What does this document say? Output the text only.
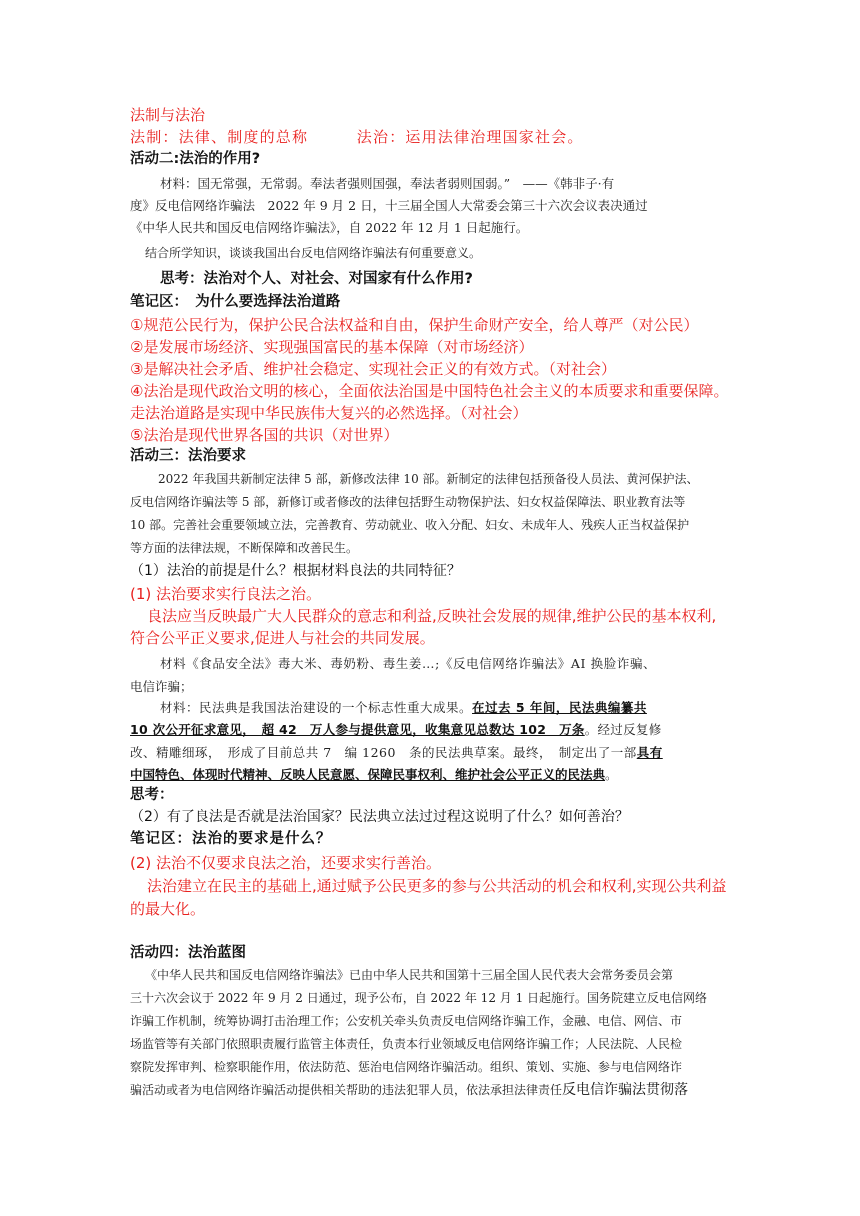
法制与法治
法制：法律、制度的总称　　　法治：运用法律治理国家社会。
活动二:法治的作用?
材料：国无常强，无常弱。奉法者强则国强，奉法者弱则国弱。”　——《韩非子·有
度》反电信网络诈骗法　2022 年 9 月 2 日，十三届全国人大常委会第三十六次会议表决通过
《中华人民共和国反电信网络诈骗法》，自 2022 年 12 月 1 日起施行。
结合所学知识，谈谈我国出台反电信网络诈骗法有何重要意义。
思考：法治对个人、对社会、对国家有什么作用?
笔记区：　为什么要选择法治道路
①规范公民行为，保护公民合法权益和自由，保护生命财产安全，给人尊严（对公民）
②是发展市场经济、实现强国富民的基本保障（对市场经济）
③是解决社会矛盾、维护社会稳定、实现社会正义的有效方式。（对社会）
④法治是现代政治文明的核心，全面依法治国是中国特色社会主义的本质要求和重要保障。
走法治道路是实现中华民族伟大复兴的必然选择。（对社会）
⑤法治是现代世界各国的共识（对世界）
活动三：法治要求
2022 年我国共新制定法律 5 部，新修改法律 10 部。新制定的法律包括预备役人员法、黄河保护法、
反电信网络诈骗法等 5 部，新修订或者修改的法律包括野生动物保护法、妇女权益保障法、职业教育法等
10 部。完善社会重要领域立法，完善教育、劳动就业、收入分配、妇女、未成年人、残疾人正当权益保护
等方面的法律法规，不断保障和改善民生。
（1）法治的前提是什么？根据材料良法的共同特征？
(1) 法治要求实行良法之治。
良法应当反映最广大人民群众的意志和利益,反映社会发展的规律,维护公民的基本权利,
符合公平正义要求,促进人与社会的共同发展。
材料《食品安全法》毒大米、毒奶粉、毒生姜…;《反电信网络诈骗法》AI 换脸诈骗、
电信诈骗；
材料：民法典是我国法治建设的一个标志性重大成果。在过去 5 年间，民法典编纂共
10 次公开征求意见，　超 42　万人参与提供意见，收集意见总数达 102　万条。经过反复修
改、精雕细琢，　形成了目前总共 7　编 1260　条的民法典草案。最终，　制定出了一部具有
中国特色、体现时代精神、反映人民意愿、保障民事权利、维护社会公平正义的民法典。
思考：
（2）有了良法是否就是法治国家？民法典立法过过程这说明了什么？如何善治？
笔记区：法治的要求是什么？
(2) 法治不仅要求良法之治，还要求实行善治。
法治建立在民主的基础上,通过赋予公民更多的参与公共活动的机会和权利,实现公共利益
的最大化。
活动四：法治蓝图
《中华人民共和国反电信网络诈骗法》已由中华人民共和国第十三届全国人民代表大会常务委员会第
三十六次会议于 2022 年 9 月 2 日通过，现予公布，自 2022 年 12 月 1 日起施行。国务院建立反电信网络
诈骗工作机制，统筹协调打击治理工作；公安机关牵头负责反电信网络诈骗工作，金融、电信、网信、市
场监管等有关部门依照职责履行监管主体责任，负责本行业领域反电信网络诈骗工作；人民法院、人民检
察院发挥审判、检察职能作用，依法防范、惩治电信网络诈骗活动。组织、策划、实施、参与电信网络诈
骗活动或者为电信网络诈骗活动提供相关帮助的违法犯罪人员，依法承担法律责任反电信诈骗法贯彻落
